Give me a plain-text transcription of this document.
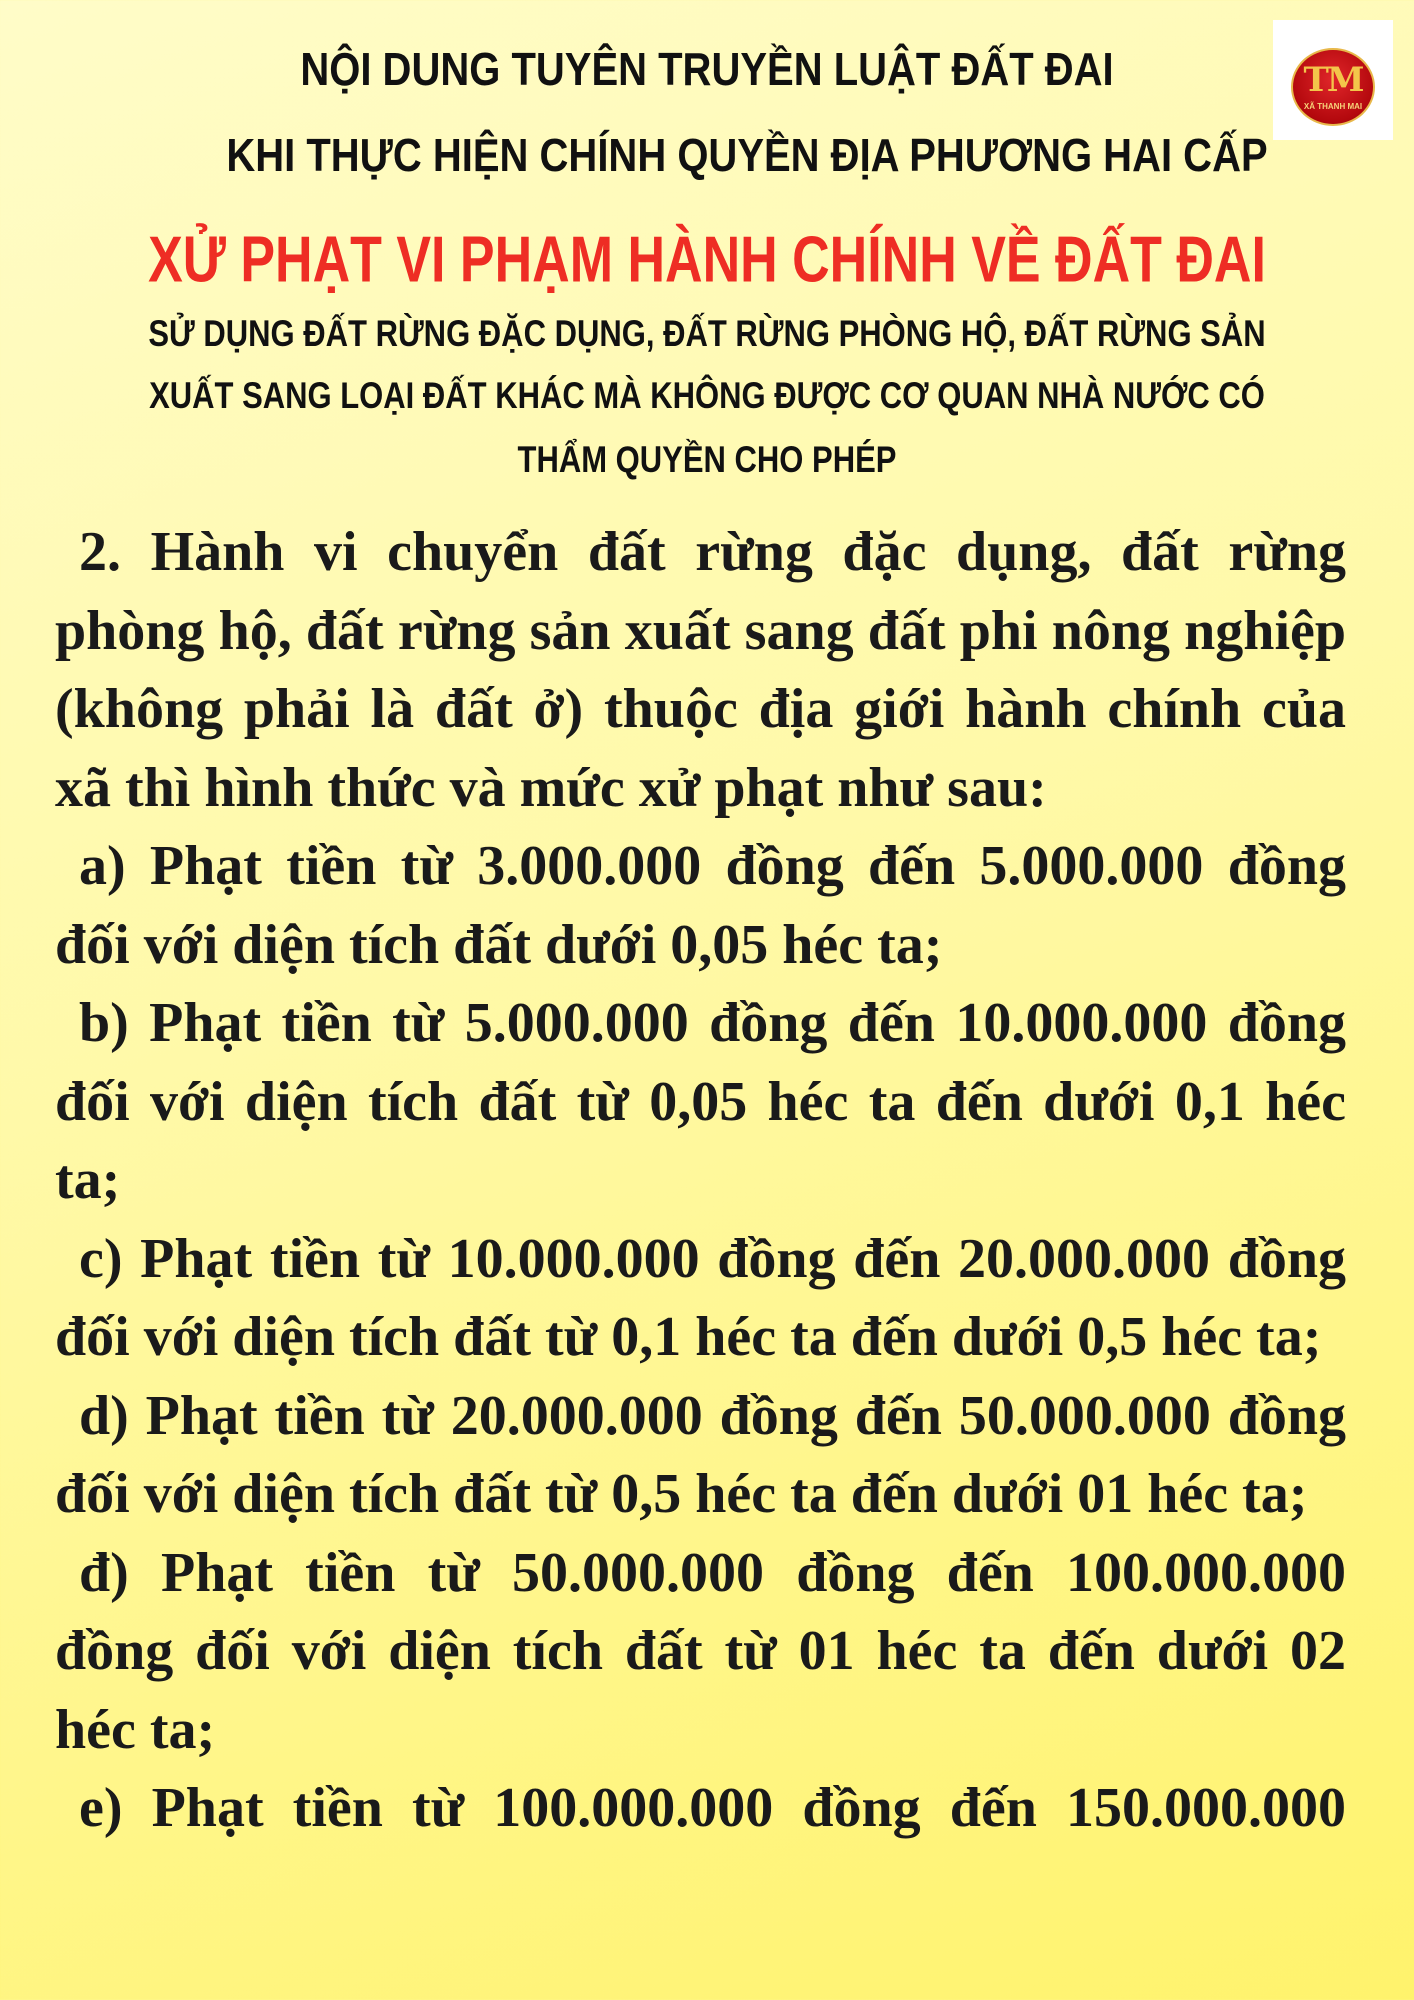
TM
XÃ THANH MAI
NỘI DUNG TUYÊN TRUYỀN LUẬT ĐẤT ĐAI
KHI THỰC HIỆN CHÍNH QUYỀN ĐỊA PHƯƠNG HAI CẤP
XỬ PHẠT VI PHẠM HÀNH CHÍNH VỀ ĐẤT ĐAI
SỬ DỤNG ĐẤT RỪNG ĐẶC DỤNG, ĐẤT RỪNG PHÒNG HỘ, ĐẤT RỪNG SẢN
XUẤT SANG LOẠI ĐẤT KHÁC MÀ KHÔNG ĐƯỢC CƠ QUAN NHÀ NƯỚC CÓ
THẨM QUYỀN CHO PHÉP

2. Hành vi chuyển đất rừng đặc dụng, đất rừng phòng hộ, đất rừng sản xuất sang đất phi nông nghiệp (không phải là đất ở) thuộc địa giới hành chính của xã thì hình thức và mức xử phạt như sau:

a) Phạt tiền từ 3.000.000 đồng đến 5.000.000 đồng đối với diện tích đất dưới 0,05 héc ta;

b) Phạt tiền từ 5.000.000 đồng đến 10.000.000 đồng đối với diện tích đất từ 0,05 héc ta đến dưới 0,1 héc ta;

c) Phạt tiền từ 10.000.000 đồng đến 20.000.000 đồng đối với diện tích đất từ 0,1 héc ta đến dưới 0,5 héc ta;

d) Phạt tiền từ 20.000.000 đồng đến 50.000.000 đồng đối với diện tích đất từ 0,5 héc ta đến dưới 01 héc ta;

đ) Phạt tiền từ 50.000.000 đồng đến 100.000.000 đồng đối với diện tích đất từ 01 héc ta đến dưới 02 héc ta;

e) Phạt tiền từ 100.000.000 đồng đến 150.000.000
